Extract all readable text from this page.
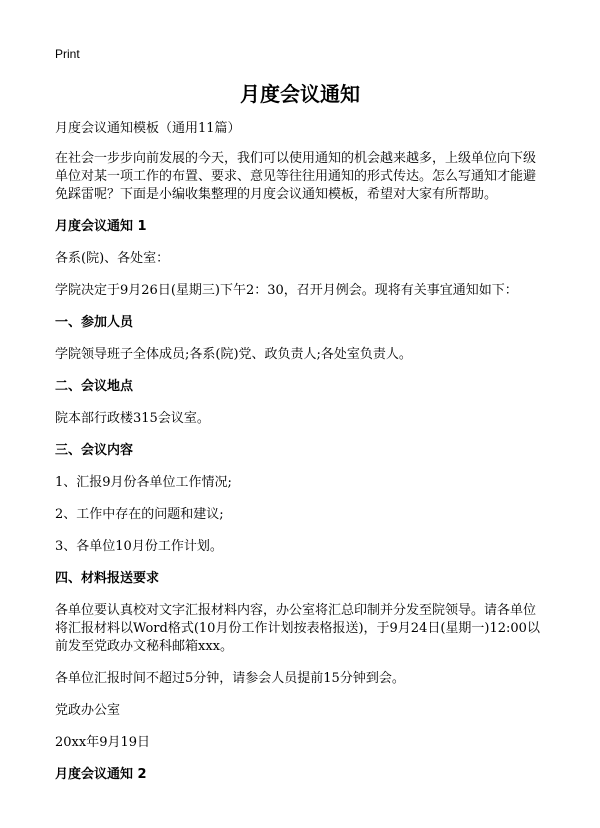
Print
月度会议通知

月度会议通知模板（通用11篇）

在社会一步步向前发展的今天，我们可以使用通知的机会越来越多，上级单位向下级单位对某一项工作的布置、要求、意见等往往用通知的形式传达。怎么写通知才能避免踩雷呢？下面是小编收集整理的月度会议通知模板，希望对大家有所帮助。

月度会议通知 1

各系(院)、各处室：

学院决定于9月26日(星期三)下午2：30，召开月例会。现将有关事宜通知如下：

一、参加人员

学院领导班子全体成员;各系(院)党、政负责人;各处室负责人。

二、会议地点

院本部行政楼315会议室。

三、会议内容

1、汇报9月份各单位工作情况;

2、工作中存在的问题和建议;

3、各单位10月份工作计划。

四、材料报送要求

各单位要认真校对文字汇报材料内容，办公室将汇总印制并分发至院领导。请各单位将汇报材料以Word格式(10月份工作计划按表格报送)，于9月24日(星期一)12:00以前发至党政办文秘科邮箱xxx。

各单位汇报时间不超过5分钟，请参会人员提前15分钟到会。

党政办公室

20xx年9月19日

月度会议通知 2
